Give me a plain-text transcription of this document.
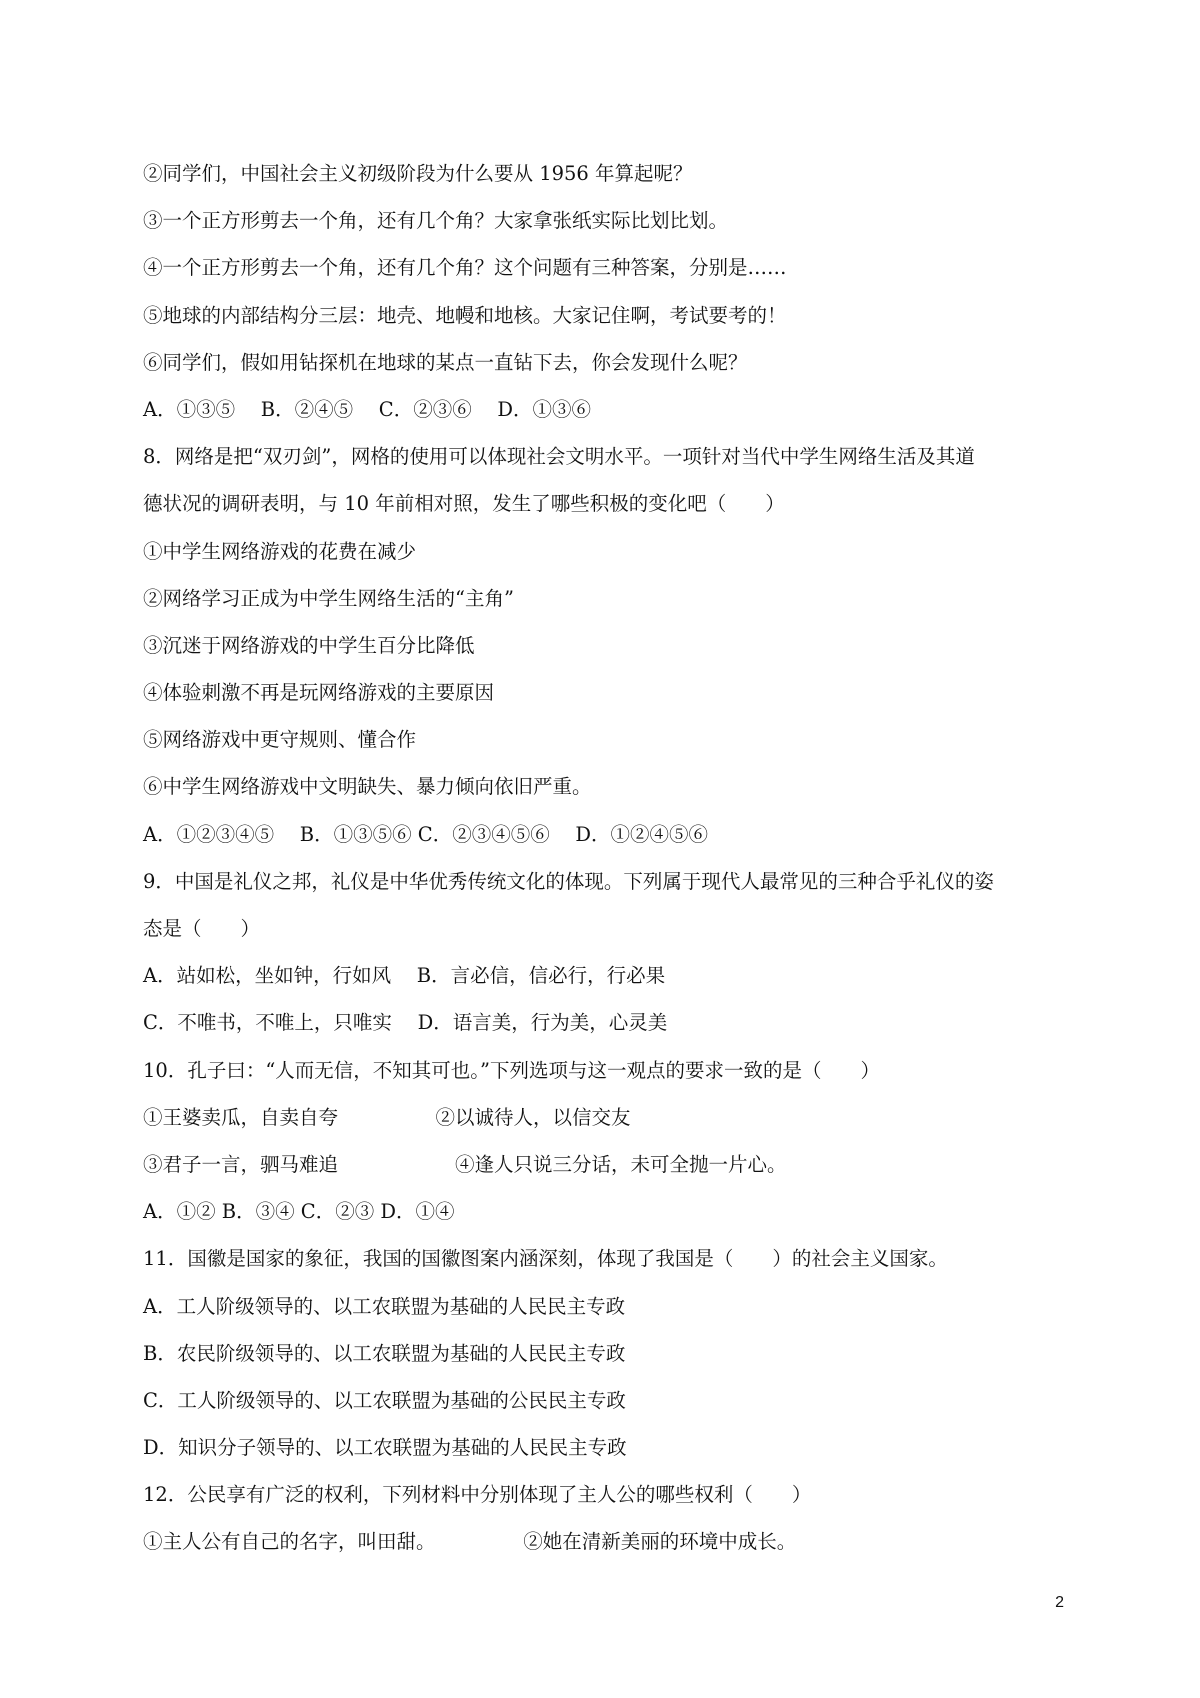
②同学们，中国社会主义初级阶段为什么要从 1956 年算起呢？
③一个正方形剪去一个角，还有几个角？大家拿张纸实际比划比划。
④一个正方形剪去一个角，还有几个角？这个问题有三种答案，分别是……
⑤地球的内部结构分三层：地壳、地幔和地核。大家记住啊，考试要考的！
⑥同学们，假如用钻探机在地球的某点一直钻下去，你会发现什么呢？
A．①③⑤　 B．②④⑤　 C．②③⑥　 D．①③⑥
8．网络是把“双刃剑”，网格的使用可以体现社会文明水平。一项针对当代中学生网络生活及其道
德状况的调研表明，与 10 年前相对照，发生了哪些积极的变化吧（　　）
①中学生网络游戏的花费在减少
②网络学习正成为中学生网络生活的“主角”
③沉迷于网络游戏的中学生百分比降低
④体验刺激不再是玩网络游戏的主要原因
⑤网络游戏中更守规则、懂合作
⑥中学生网络游戏中文明缺失、暴力倾向依旧严重。
A．①②③④⑤　 B．①③⑤⑥ C．②③④⑤⑥　 D．①②④⑤⑥
9．中国是礼仪之邦，礼仪是中华优秀传统文化的体现。下列属于现代人最常见的三种合乎礼仪的姿
态是（　　）
A．站如松，坐如钟，行如风　 B．言必信，信必行，行必果
C．不唯书，不唯上，只唯实　 D．语言美，行为美，心灵美
10．孔子曰：“人而无信，不知其可也。”下列选项与这一观点的要求一致的是（　　）
①王婆卖瓜，自卖自夸　　　　　②以诚待人，以信交友
③君子一言，驷马难追　　　　　　④逢人只说三分话，未可全抛一片心。
A．①② B．③④ C．②③ D．①④
11．国徽是国家的象征，我国的国徽图案内涵深刻，体现了我国是（　　）的社会主义国家。
A．工人阶级领导的、以工农联盟为基础的人民民主专政
B．农民阶级领导的、以工农联盟为基础的人民民主专政
C．工人阶级领导的、以工农联盟为基础的公民民主专政
D．知识分子领导的、以工农联盟为基础的人民民主专政
12．公民享有广泛的权利，下列材料中分别体现了主人公的哪些权利（　　）
①主人公有自己的名字，叫田甜。　　　　　②她在清新美丽的环境中成长。
2
